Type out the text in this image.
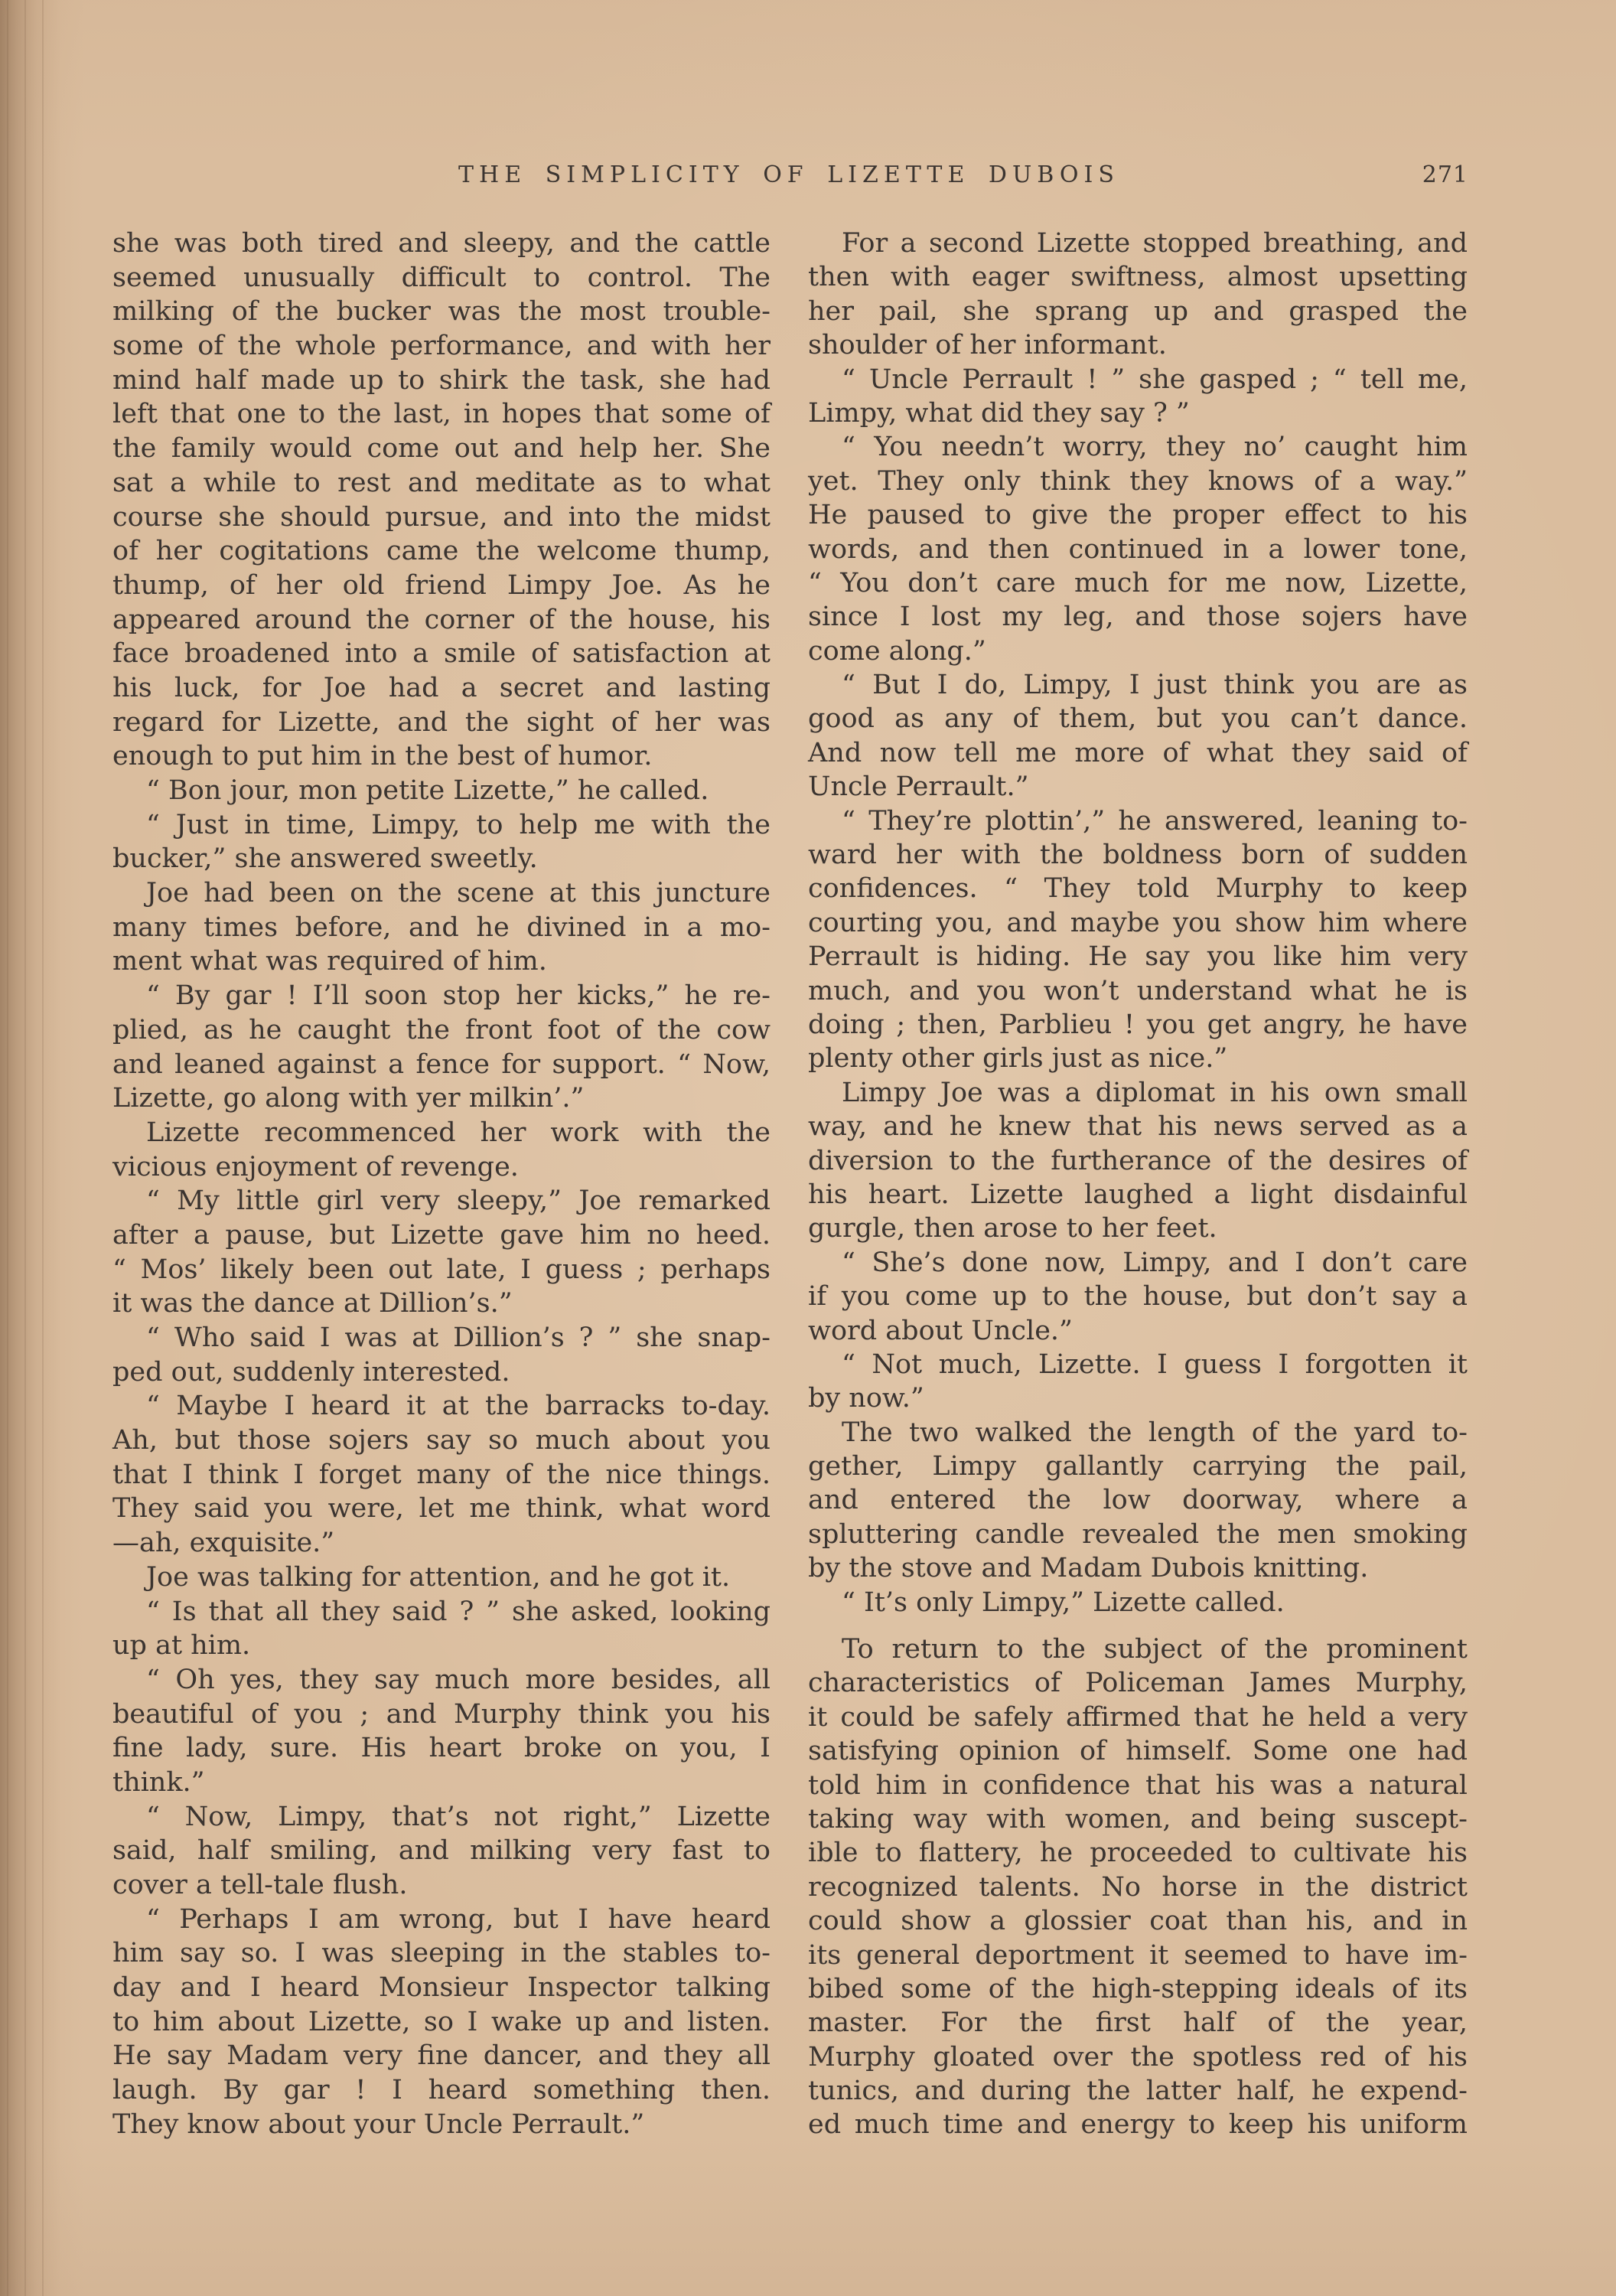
THE SIMPLICITY OF LIZETTE DUBOIS	271
she was both tired and sleepy, and the cattle
seemed unusually difficult to control. The
milking of the bucker was the most trouble-
some of the whole performance, and with her
mind half made up to shirk the task, she had
left that one to the last, in hopes that some of
the family would come out and help her. She
sat a while to rest and meditate as to what
course she should pursue, and into the midst
of her cogitations came the welcome thump,
thump, of her old friend Limpy Joe. As he
appeared around the corner of the house, his
face broadened into a smile of satisfaction at
his luck, for Joe had a secret and lasting
regard for Lizette, and the sight of her was
enough to put him in the best of humor.
“ Bon jour, mon petite Lizette,” he called.
“ Just in time, Limpy, to help me with the
bucker,” she answered sweetly.
Joe had been on the scene at this juncture
many times before, and he divined in a mo-
ment what was required of him.
“ By gar ! I’ll soon stop her kicks,” he re-
plied, as he caught the front foot of the cow
and leaned against a fence for support. “ Now,
Lizette, go along with yer milkin’.”
Lizette recommenced her work with the
vicious enjoyment of revenge.
“ My little girl very sleepy,” Joe remarked
after a pause, but Lizette gave him no heed.
“ Mos’ likely been out late, I guess ; perhaps
it was the dance at Dillion’s.”
“ Who said I was at Dillion’s ? ” she snap-
ped out, suddenly interested.
“ Maybe I heard it at the barracks to-day.
Ah, but those sojers say so much about you
that I think I forget many of the nice things.
They said you were, let me think, what word
—ah, exquisite.”
Joe was talking for attention, and he got it.
“ Is that all they said ? ” she asked, looking
up at him.
“ Oh yes, they say much more besides, all
beautiful of you ; and Murphy think you his
fine lady, sure. His heart broke on you, I
think.”
“ Now, Limpy, that’s not right,” Lizette
said, half smiling, and milking very fast to
cover a tell-tale flush.
“ Perhaps I am wrong, but I have heard
him say so. I was sleeping in the stables to-
day and I heard Monsieur Inspector talking
to him about Lizette, so I wake up and listen.
He say Madam very fine dancer, and they all
laugh. By gar ! I heard something then.
They know about your Uncle Perrault.”
For a second Lizette stopped breathing, and
then with eager swiftness, almost upsetting
her pail, she sprang up and grasped the
shoulder of her informant.
“ Uncle Perrault ! ” she gasped ; “ tell me,
Limpy, what did they say ? ”
“ You needn’t worry, they no’ caught him
yet. They only think they knows of a way.”
He paused to give the proper effect to his
words, and then continued in a lower tone,
“ You don’t care much for me now, Lizette,
since I lost my leg, and those sojers have
come along.”
“ But I do, Limpy, I just think you are as
good as any of them, but you can’t dance.
And now tell me more of what they said of
Uncle Perrault.”
“ They’re plottin’,” he answered, leaning to-
ward her with the boldness born of sudden
confidences. “ They told Murphy to keep
courting you, and maybe you show him where
Perrault is hiding. He say you like him very
much, and you won’t understand what he is
doing ; then, Parblieu ! you get angry, he have
plenty other girls just as nice.”
Limpy Joe was a diplomat in his own small
way, and he knew that his news served as a
diversion to the furtherance of the desires of
his heart. Lizette laughed a light disdainful
gurgle, then arose to her feet.
“ She’s done now, Limpy, and I don’t care
if you come up to the house, but don’t say a
word about Uncle.”
“ Not much, Lizette. I guess I forgotten it
by now.”
The two walked the length of the yard to-
gether, Limpy gallantly carrying the pail,
and entered the low doorway, where a
spluttering candle revealed the men smoking
by the stove and Madam Dubois knitting.
“ It’s only Limpy,” Lizette called.
To return to the subject of the prominent
characteristics of Policeman James Murphy,
it could be safely affirmed that he held a very
satisfying opinion of himself. Some one had
told him in confidence that his was a natural
taking way with women, and being suscept-
ible to flattery, he proceeded to cultivate his
recognized talents. No horse in the district
could show a glossier coat than his, and in
its general deportment it seemed to have im-
bibed some of the high-stepping ideals of its
master. For the first half of the year,
Murphy gloated over the spotless red of his
tunics, and during the latter half, he expend-
ed much time and energy to keep his uniform
